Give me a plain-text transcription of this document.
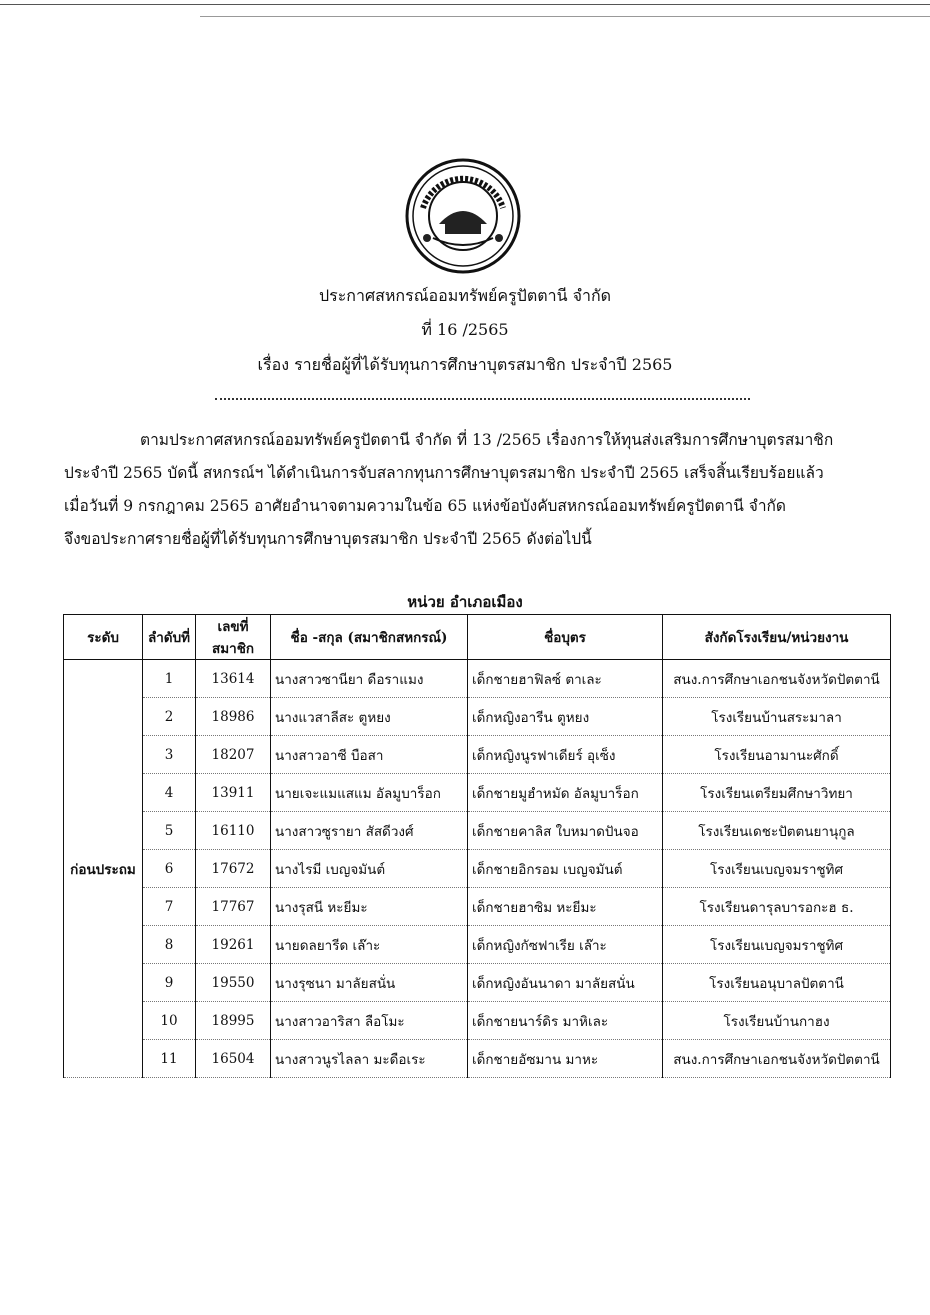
ประกาศสหกรณ์ออมทรัพย์ครูปัตตานี จำกัด
ที่ 16 /2565
เรื่อง รายชื่อผู้ที่ได้รับทุนการศึกษาบุตรสมาชิก ประจำปี 2565
ตามประกาศสหกรณ์ออมทรัพย์ครูปัตตานี จำกัด ที่ 13 /2565 เรื่องการให้ทุนส่งเสริมการศึกษาบุตรสมาชิก
ประจำปี 2565 บัดนี้ สหกรณ์ฯ ได้ดำเนินการจับสลากทุนการศึกษาบุตรสมาชิก ประจำปี 2565 เสร็จสิ้นเรียบร้อยแล้ว
เมื่อวันที่ 9 กรกฎาคม 2565 อาศัยอำนาจตามความในข้อ 65 แห่งข้อบังคับสหกรณ์ออมทรัพย์ครูปัตตานี จำกัด
จึงขอประกาศรายชื่อผู้ที่ได้รับทุนการศึกษาบุตรสมาชิก ประจำปี 2565 ดังต่อไปนี้
หน่วย อำเภอเมือง
ระดับ	ลำดับที่	เลขที่สมาชิก	ชื่อ -สกุล (สมาชิกสหกรณ์)	ชื่อบุตร	สังกัดโรงเรียน/หน่วยงาน
ก่อนประถม	1	13614	นางสาวซานียา ดือราแมง	เด็กชายฮาฟิลซ์ ตาเละ	สนง.การศึกษาเอกชนจังหวัดปัตตานี
	2	18986	นางแวสาลีสะ ตูหยง	เด็กหญิงอารีน ตูหยง	โรงเรียนบ้านสระมาลา
	3	18207	นางสาวอาซี บือสา	เด็กหญิงนูรฟาเดียร์ อุเซ็ง	โรงเรียนอามานะศักดิ์
	4	13911	นายเจะแมแสแม อัลมูบาร็อก	เด็กชายมูฮำหมัด อัลมูบาร็อก	โรงเรียนเตรียมศึกษาวิทยา
	5	16110	นางสาวซูรายา สัสดีวงศ์	เด็กชายคาลิส ใบหมาดปันจอ	โรงเรียนเดชะปัตตนยานุกูล
	6	17672	นางไรมี เบญจมันต์	เด็กชายอิกรอม เบญจมันต์	โรงเรียนเบญจมราชูทิศ
	7	17767	นางรุสนี หะยีมะ	เด็กชายฮาซิม หะยีมะ	โรงเรียนดารุลบารอกะฮ ธ.
	8	19261	นายดลยารีด เล๊าะ	เด็กหญิงกัซฟาเรีย เล๊าะ	โรงเรียนเบญจมราชูทิศ
	9	19550	นางรุซนา มาลัยสนั่น	เด็กหญิงอันนาดา มาลัยสนั่น	โรงเรียนอนุบาลปัตตานี
	10	18995	นางสาวอาริสา ลือโมะ	เด็กชายนาร์ดิร มาหิเละ	โรงเรียนบ้านกาฮง
	11	16504	นางสาวนูรไลลา มะดือเระ	เด็กชายอัซมาน มาหะ	สนง.การศึกษาเอกชนจังหวัดปัตตานี
